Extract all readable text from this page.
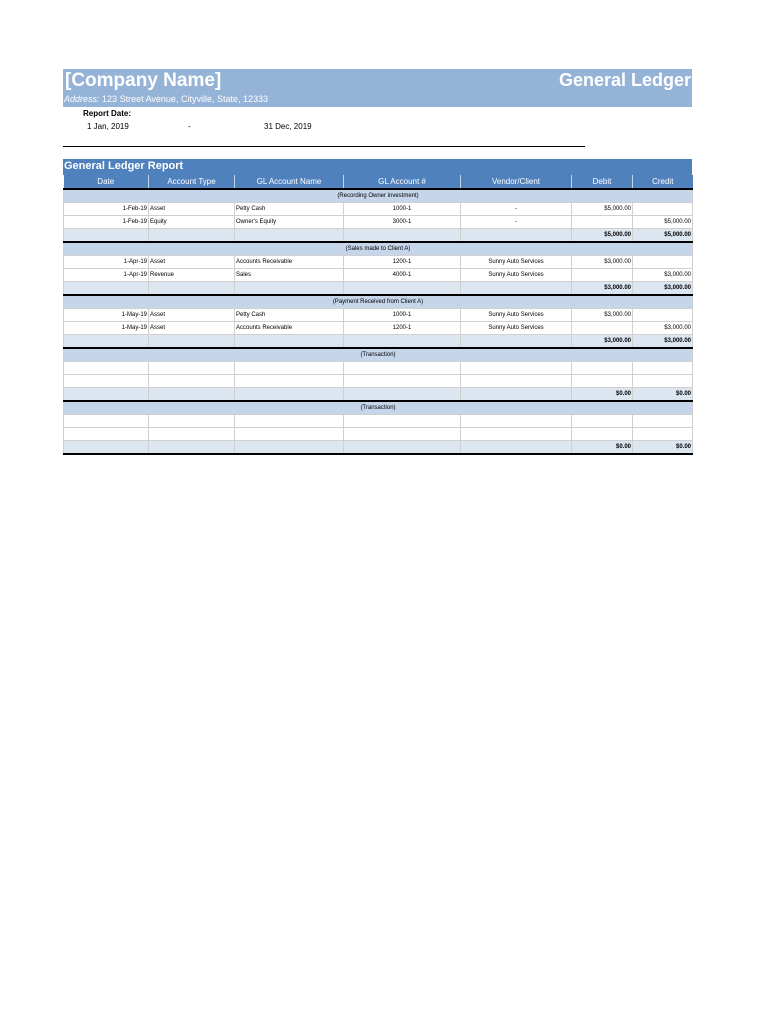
[Company Name]	General Ledger
Address: 123 Street Avenue, Cityville, State, 12333
Report Date:
1 Jan, 2019	-	31 Dec, 2019
General Ledger Report
Date	Account Type	GL Account Name	GL Account #	Vendor/Client	Debit	Credit
(Recording Owner investment)						
1-Feb-19	Asset	Petty Cash	1000-1	-	$5,000.00	
1-Feb-19	Equity	Owner's Equity	3000-1	-		$5,000.00
					$5,000.00	$5,000.00
(Sales made to Client A)						
1-Apr-19	Asset	Accounts Receivable	1200-1	Sunny Auto Services	$3,000.00	
1-Apr-19	Revenue	Sales	4000-1	Sunny Auto Services		$3,000.00
					$3,000.00	$3,000.00
(Payment Received from Client A)						
1-May-19	Asset	Petty Cash	1000-1	Sunny Auto Services	$3,000.00	
1-May-19	Asset	Accounts Receivable	1200-1	Sunny Auto Services		$3,000.00
					$3,000.00	$3,000.00
(Transaction)						

					$0.00	$0.00
(Transaction)						

					$0.00	$0.00
